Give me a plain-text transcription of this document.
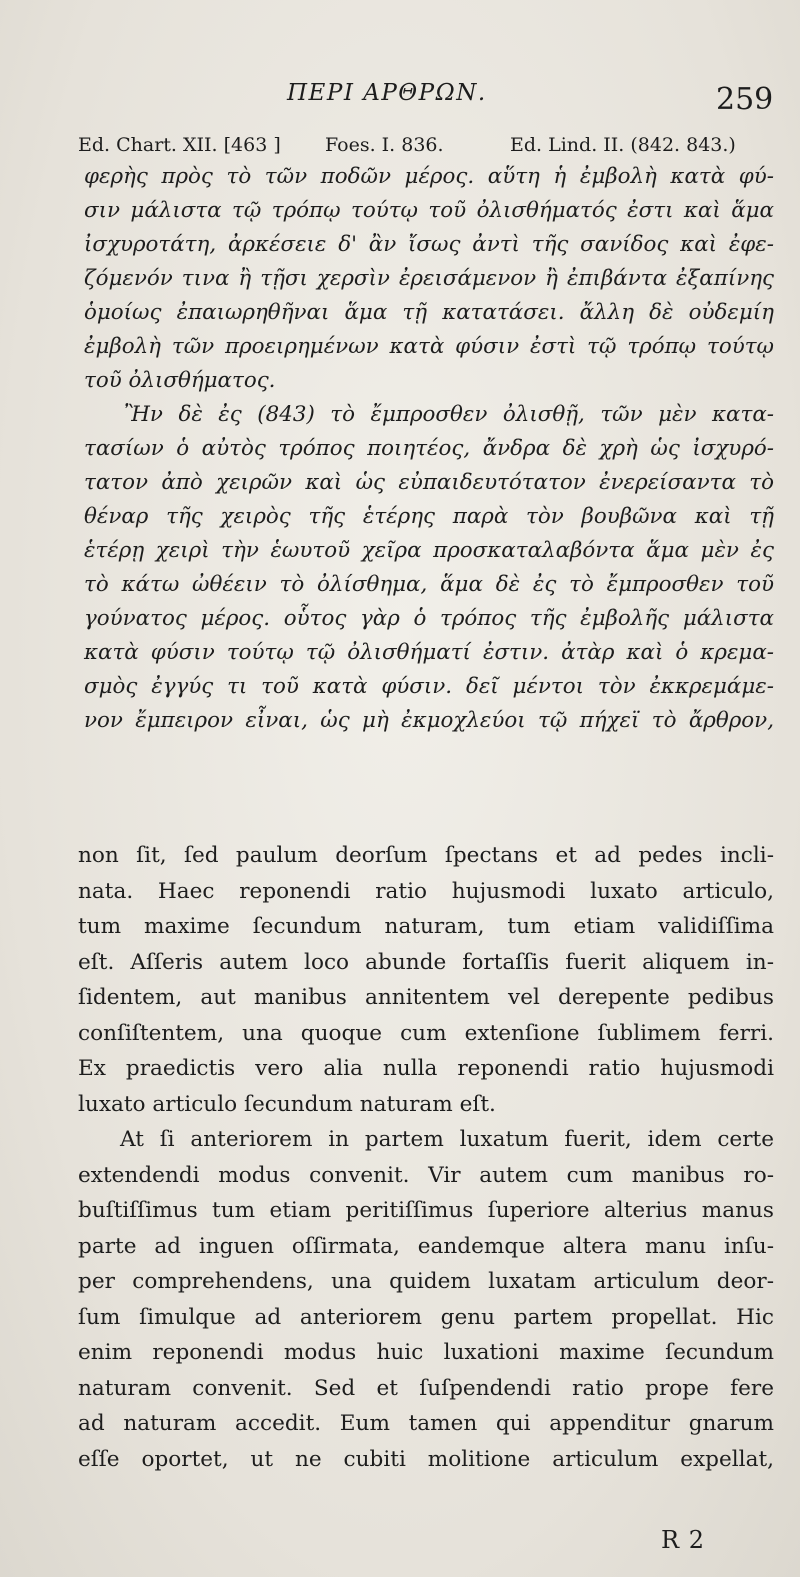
ΠΕΡΙ ΑΡΘΡΩΝ.	259
Ed. Chart. XII. [463 ] Foes. I. 836.	Ed. Lind. II. (842. 843.)
φερὴς πρὸς τὸ τῶν ποδῶν μέρος. αὕτη ἡ ἐμβολὴ κατὰ φύ-
σιν μάλιστα τῷ τρόπῳ τούτῳ τοῦ ὀλισθήματός ἐστι καὶ ἅμα
ἰσχυροτάτη, ἀρκέσειε δ' ἂν ἴσως ἀντὶ τῆς σανίδος καὶ ἐφε-
ζόμενόν τινα ἢ τῇσι χερσὶν ἐρεισάμενον ἢ ἐπιβάντα ἐξαπίνης
ὁμοίως ἐπαιωρηθῆναι ἅμα τῇ κατατάσει. ἄλλη δὲ οὐδεμίη
ἐμβολὴ τῶν προειρημένων κατὰ φύσιν ἐστὶ τῷ τρόπῳ τούτῳ
τοῦ ὀλισθήματος.
Ἢν δὲ ἐς (843) τὸ ἔμπροσθεν ὀλισθῇ, τῶν μὲν κατα-
τασίων ὁ αὐτὸς τρόπος ποιητέος, ἄνδρα δὲ χρὴ ὡς ἰσχυρό-
τατον ἀπὸ χειρῶν καὶ ὡς εὐπαιδευτότατον ἐνερείσαντα τὸ
θέναρ τῆς χειρὸς τῆς ἑτέρης παρὰ τὸν βουβῶνα καὶ τῇ
ἑτέρῃ χειρὶ τὴν ἑωυτοῦ χεῖρα προσκαταλαβόντα ἅμα μὲν ἐς
τὸ κάτω ὠθέειν τὸ ὀλίσθημα, ἅμα δὲ ἐς τὸ ἔμπροσθεν τοῦ
γούνατος μέρος. οὗτος γὰρ ὁ τρόπος τῆς ἐμβολῆς μάλιστα
κατὰ φύσιν τούτῳ τῷ ὀλισθήματί ἐστιν. ἀτὰρ καὶ ὁ κρεμα-
σμὸς ἐγγύς τι τοῦ κατὰ φύσιν. δεῖ μέντοι τὸν ἐκκρεμάμε-
νον ἔμπειρον εἶναι, ὡς μὴ ἐκμοχλεύοι τῷ πήχεϊ τὸ ἄρθρον,
non ſit, ſed paulum deorſum ſpectans et ad pedes incli-
nata. Haec reponendi ratio hujusmodi luxato articulo,
tum maxime ſecundum naturam, tum etiam validiſſima
eſt. Aſſeris autem loco abunde fortaſſis fuerit aliquem in-
ſidentem, aut manibus annitentem vel derepente pedibus
conſiſtentem, una quoque cum extenſione ſublimem ferri.
Ex praedictis vero alia nulla reponendi ratio hujusmodi
luxato articulo ſecundum naturam eſt.
At ſi anteriorem in partem luxatum fuerit, idem certe
extendendi modus convenit. Vir autem cum manibus ro-
buſtiſſimus tum etiam peritiſſimus ſuperiore alterius manus
parte ad inguen oſſirmata, eandemque altera manu inſu-
per comprehendens, una quidem luxatam articulum deor-
ſum ſimulque ad anteriorem genu partem propellat. Hic
enim reponendi modus huic luxationi maxime ſecundum
naturam convenit. Sed et ſuſpendendi ratio prope fere
ad naturam accedit. Eum tamen qui appenditur gnarum
eſſe oportet, ut ne cubiti molitione articulum expellat,
R 2
